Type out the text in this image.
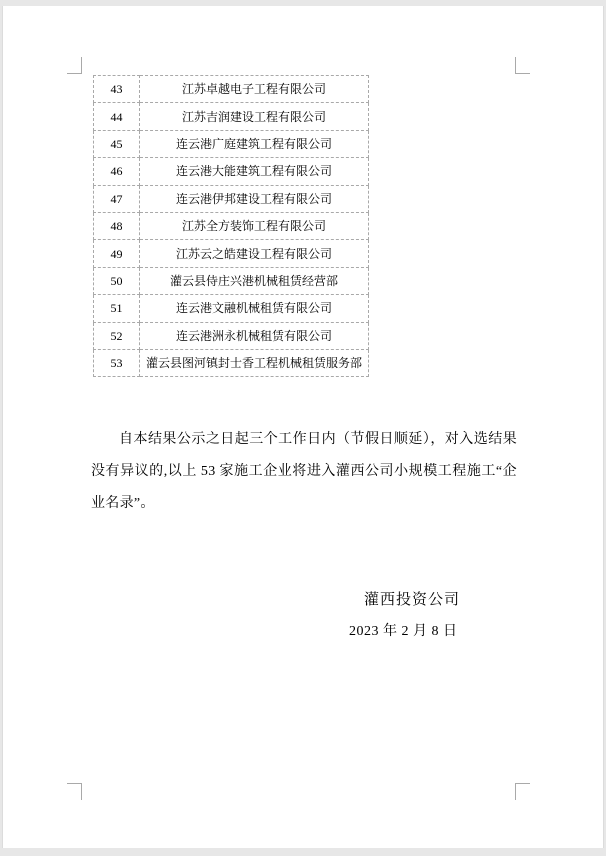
43	江苏卓越电子工程有限公司
44	江苏吉润建设工程有限公司
45	连云港广庭建筑工程有限公司
46	连云港大能建筑工程有限公司
47	连云港伊邦建设工程有限公司
48	江苏全方装饰工程有限公司
49	江苏云之皓建设工程有限公司
50	灌云县侍庄兴港机械租赁经营部
51	连云港文融机械租赁有限公司
52	连云港洲永机械租赁有限公司
53	灌云县图河镇封士香工程机械租赁服务部
自本结果公示之日起三个工作日内（节假日顺延），对入选结果
没有异议的,以上 53 家施工企业将进入灌西公司小规模工程施工“企
业名录”。
灌西投资公司
2023 年 2 月 8 日
